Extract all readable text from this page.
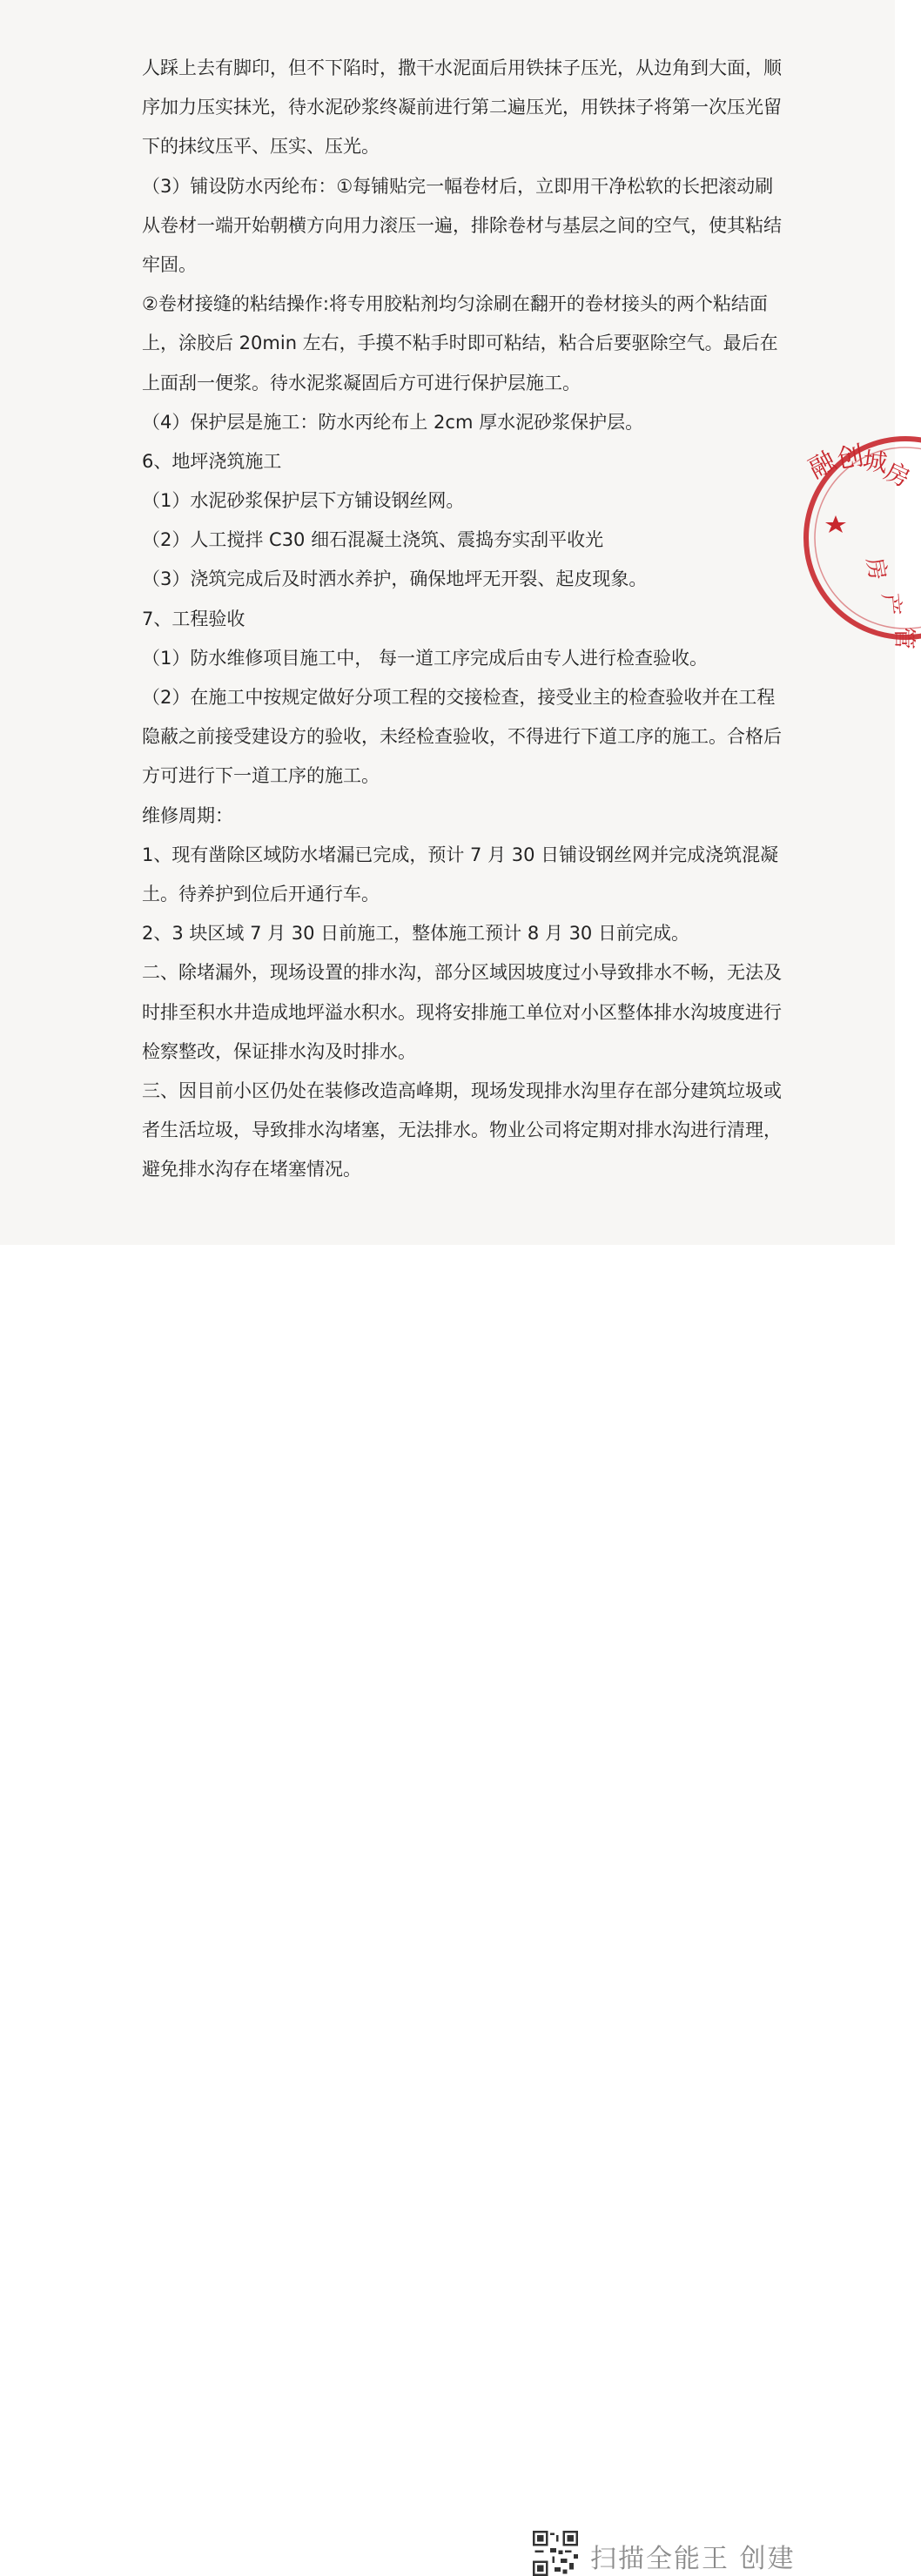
人踩上去有脚印，但不下陷时，撒干水泥面后用铁抹子压光，从边角到大面，顺
序加力压实抹光，待水泥砂浆终凝前进行第二遍压光，用铁抹子将第一次压光留
下的抹纹压平、压实、压光。
（3）铺设防水丙纶布：①每铺贴完一幅卷材后，立即用干净松软的长把滚动刷
从卷材一端开始朝横方向用力滚压一遍，排除卷材与基层之间的空气，使其粘结
牢固。
②卷材接缝的粘结操作:将专用胶粘剂均匀涂刷在翻开的卷材接头的两个粘结面
上，涂胶后 20min 左右，手摸不粘手时即可粘结，粘合后要驱除空气。最后在
上面刮一便浆。待水泥浆凝固后方可进行保护层施工。
（4）保护层是施工：防水丙纶布上 2cm 厚水泥砂浆保护层。
6、地坪浇筑施工
（1）水泥砂浆保护层下方铺设钢丝网。
（2）人工搅拌 C30 细石混凝土浇筑、震捣夯实刮平收光
（3）浇筑完成后及时洒水养护，确保地坪无开裂、起皮现象。
7、工程验收
（1）防水维修项目施工中， 每一道工序完成后由专人进行检查验收。
（2）在施工中按规定做好分项工程的交接检查，接受业主的检查验收并在工程
隐蔽之前接受建设方的验收，未经检查验收，不得进行下道工序的施工。合格后
方可进行下一道工序的施工。
维修周期：
1、现有凿除区域防水堵漏已完成，预计 7 月 30 日铺设钢丝网并完成浇筑混凝
土。待养护到位后开通行车。
2、3 块区域 7 月 30 日前施工，整体施工预计 8 月 30 日前完成。
二、除堵漏外，现场设置的排水沟，部分区域因坡度过小导致排水不畅，无法及
时排至积水井造成地坪溢水积水。现将安排施工单位对小区整体排水沟坡度进行
检察整改，保证排水沟及时排水。
三、因目前小区仍处在装修改造高峰期，现场发现排水沟里存在部分建筑垃圾或
者生活垃圾，导致排水沟堵塞，无法排水。物业公司将定期对排水沟进行清理，
避免排水沟存在堵塞情况。
融
创
城
房
房
产
管
扫描全能王 创建
